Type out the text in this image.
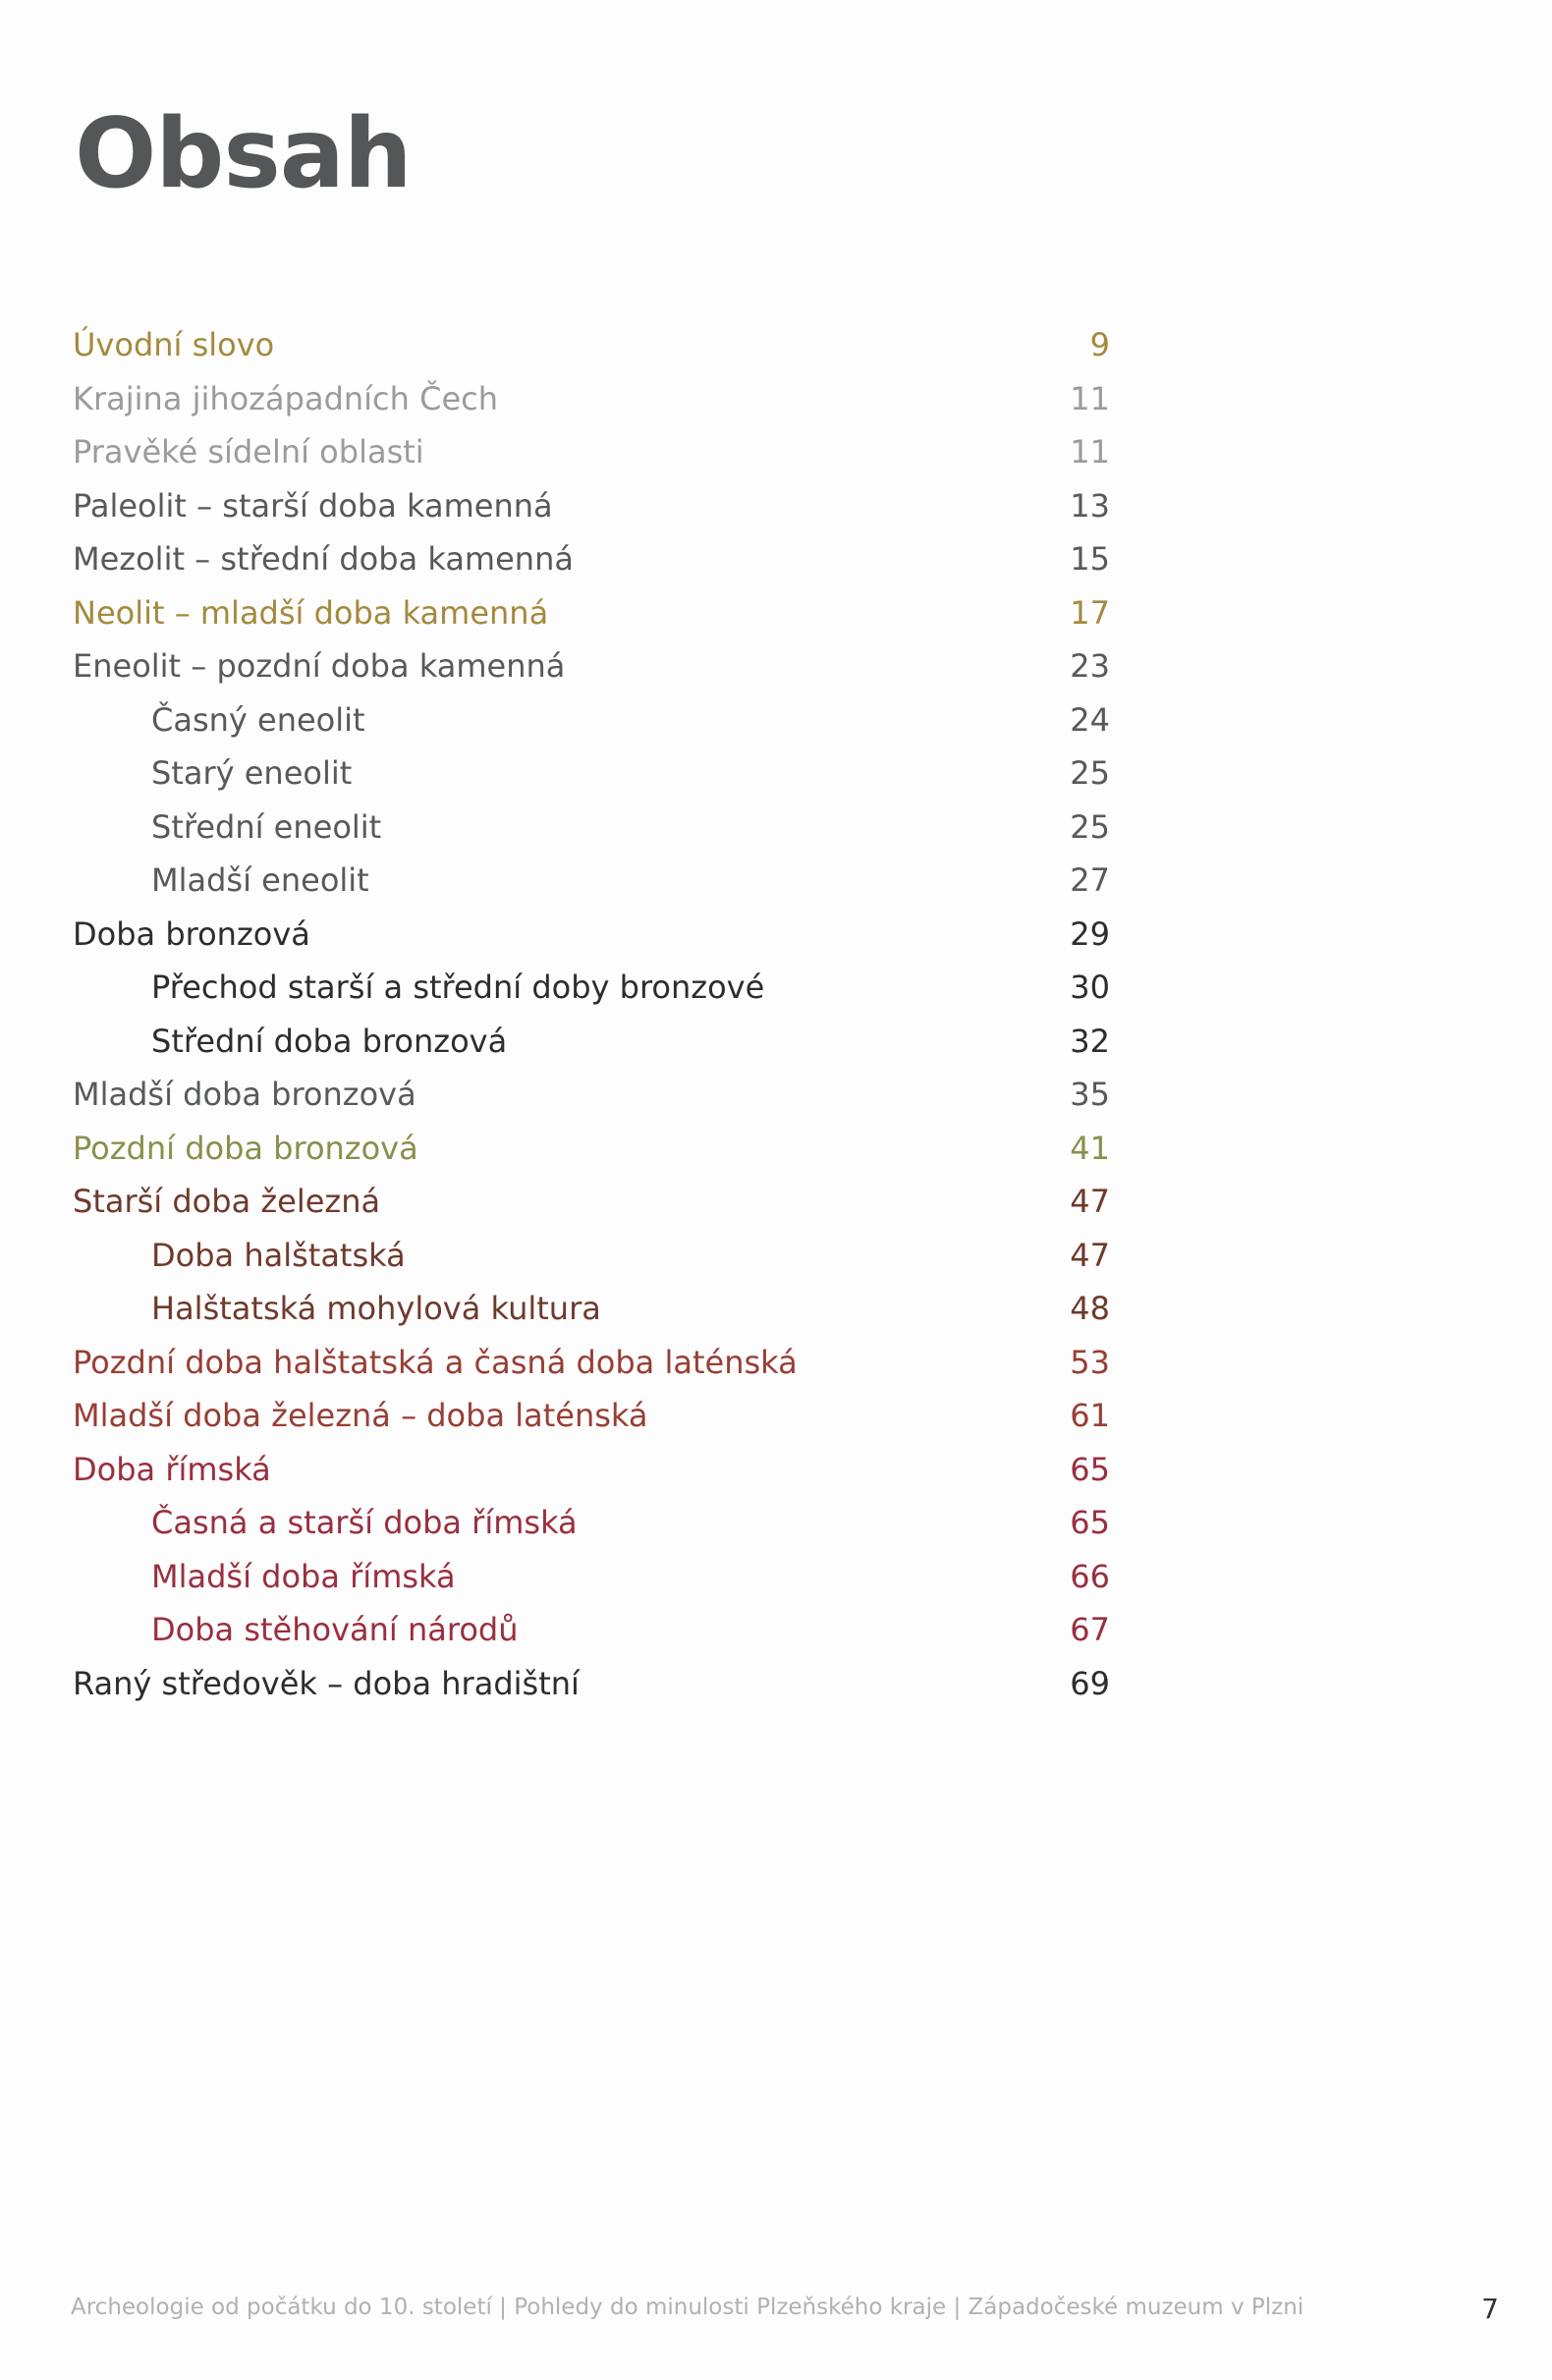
Obsah
Úvodní slovo	9
Krajina jihozápadních Čech	11
Pravěké sídelní oblasti	11
Paleolit – starší doba kamenná	13
Mezolit – střední doba kamenná	15
Neolit – mladší doba kamenná	17
Eneolit – pozdní doba kamenná	23
Časný eneolit	24
Starý eneolit	25
Střední eneolit	25
Mladší eneolit	27
Doba bronzová	29
Přechod starší a střední doby bronzové	30
Střední doba bronzová	32
Mladší doba bronzová	35
Pozdní doba bronzová	41
Starší doba železná	47
Doba halštatská	47
Halštatská mohylová kultura	48
Pozdní doba halštatská a časná doba laténská	53
Mladší doba železná – doba laténská	61
Doba římská	65
Časná a starší doba římská	65
Mladší doba římská	66
Doba stěhování národů	67
Raný středověk – doba hradištní	69
Archeologie od počátku do 10. století | Pohledy do minulosti Plzeňského kraje | Západočeské muzeum v Plzni	7
